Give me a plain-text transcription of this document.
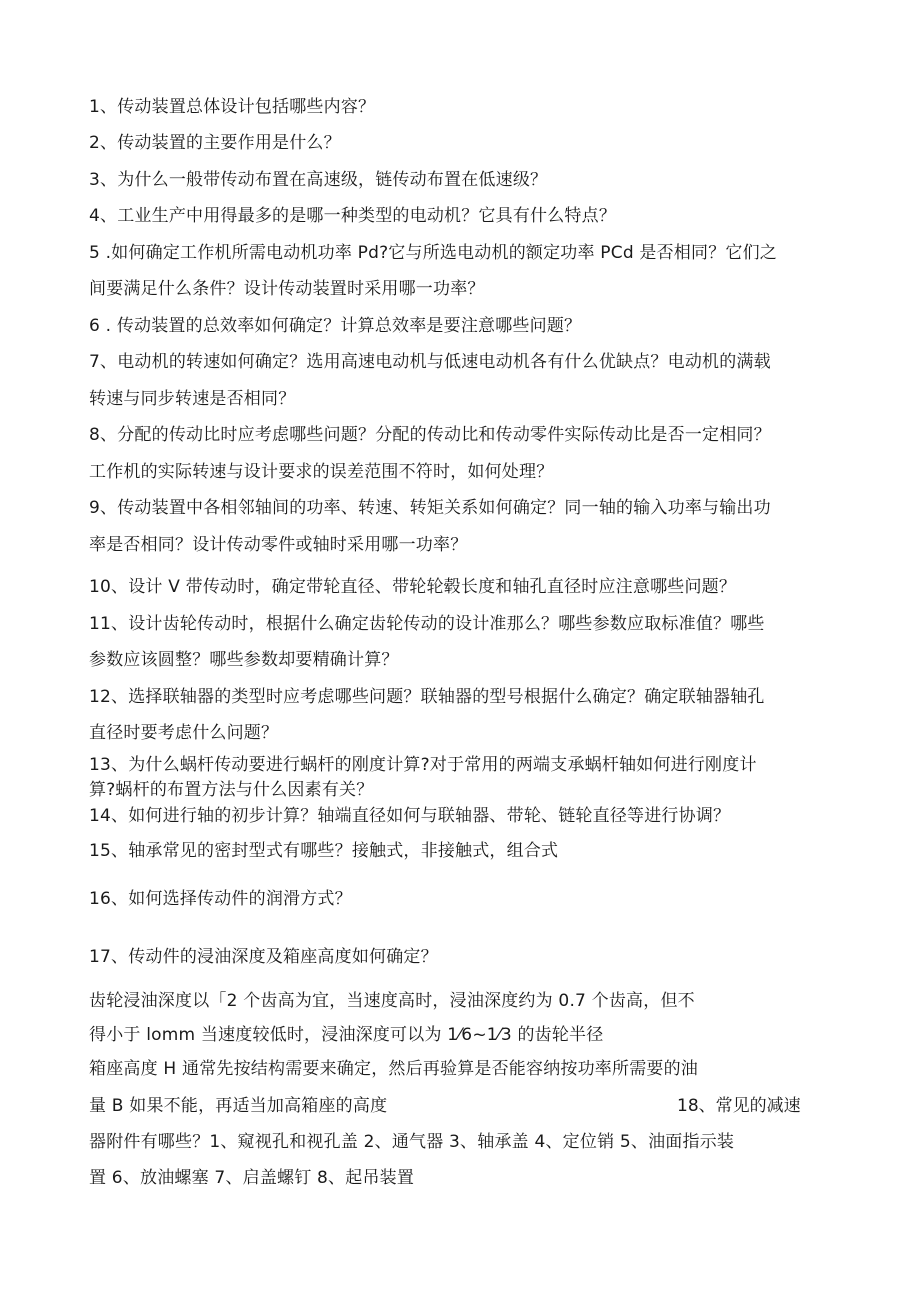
1、传动装置总体设计包括哪些内容？
2、传动装置的主要作用是什么？
3、为什么一般带传动布置在高速级，链传动布置在低速级？
4、工业生产中用得最多的是哪一种类型的电动机？它具有什么特点？
5 .如何确定工作机所需电动机功率 Pd?它与所选电动机的额定功率 PCd 是否相同？它们之
间要满足什么条件？设计传动装置时采用哪一功率？
6 . 传动装置的总效率如何确定？计算总效率是要注意哪些问题？
7、电动机的转速如何确定？选用高速电动机与低速电动机各有什么优缺点？电动机的满载
转速与同步转速是否相同？
8、分配的传动比时应考虑哪些问题？分配的传动比和传动零件实际传动比是否一定相同？
工作机的实际转速与设计要求的误差范围不符时，如何处理？
9、传动装置中各相邻轴间的功率、转速、转矩关系如何确定？同一轴的输入功率与输出功
率是否相同？设计传动零件或轴时采用哪一功率？
10、设计 V 带传动时，确定带轮直径、带轮轮毂长度和轴孔直径时应注意哪些问题？
11、设计齿轮传动时，根据什么确定齿轮传动的设计准那么？哪些参数应取标准值？哪些
参数应该圆整？哪些参数却要精确计算？
12、选择联轴器的类型时应考虑哪些问题？联轴器的型号根据什么确定？确定联轴器轴孔
直径时要考虑什么问题？
13、为什么蜗杆传动要进行蜗杆的刚度计算?对于常用的两端支承蜗杆轴如何进行刚度计
算?蜗杆的布置方法与什么因素有关？
14、如何进行轴的初步计算？轴端直径如何与联轴器、带轮、链轮直径等进行协调？
15、轴承常见的密封型式有哪些？接触式，非接触式，组合式
16、如何选择传动件的润滑方式？
17、传动件的浸油深度及箱座高度如何确定？
齿轮浸油深度以「2 个齿高为宜，当速度高时，浸油深度约为 0.7 个齿高，但不
得小于 lomm 当速度较低时，浸油深度可以为 1⁄6~1⁄3 的齿轮半径
箱座高度 H 通常先按结构需要来确定，然后再验算是否能容纳按功率所需要的油
量 B 如果不能，再适当加高箱座的高度	18、常见的减速
器附件有哪些？1、窥视孔和视孔盖 2、通气器 3、轴承盖 4、定位销 5、油面指示装
置 6、放油螺塞 7、启盖螺钉 8、起吊装置
